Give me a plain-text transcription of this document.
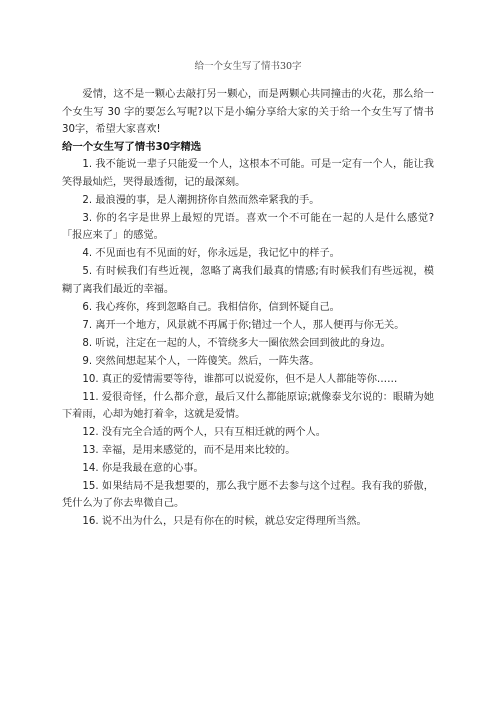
给一个女生写了情书30字

爱情，这不是一颗心去敲打另一颗心，而是两颗心共同撞击的火花，那么给一个女生写 30 字的要怎么写呢?以下是小编分享给大家的关于给一个女生写了情书30字，希望大家喜欢!

给一个女生写了情书30字精选
1. 我不能说一辈子只能爱一个人，这根本不可能。可是一定有一个人，能让我笑得最灿烂，哭得最透彻，记的最深刻。
2. 最浪漫的事，是人潮拥挤你自然而然牵紧我的手。
3. 你的名字是世界上最短的咒语。喜欢一个不可能在一起的人是什么感觉?「报应来了」的感觉。
4. 不见面也有不见面的好，你永远是，我记忆中的样子。
5. 有时候我们有些近视，忽略了离我们最真的情感;有时候我们有些远视，模糊了离我们最近的幸福。
6. 我心疼你，疼到忽略自己。我相信你，信到怀疑自己。
7. 离开一个地方，风景就不再属于你;错过一个人，那人便再与你无关。
8. 听说，注定在一起的人，不管绕多大一圈依然会回到彼此的身边。
9. 突然间想起某个人，一阵傻笑。然后，一阵失落。
10. 真正的爱情需要等待，谁都可以说爱你，但不是人人都能等你……
11. 爱很奇怪，什么都介意，最后又什么都能原谅;就像泰戈尔说的：眼睛为她下着雨，心却为她打着伞，这就是爱情。
12. 没有完全合适的两个人，只有互相迁就的两个人。
13. 幸福，是用来感觉的，而不是用来比较的。
14. 你是我最在意的心事。
15. 如果结局不是我想要的，那么我宁愿不去参与这个过程。我有我的骄傲，凭什么为了你去卑微自己。
16. 说不出为什么，只是有你在的时候，就总安定得理所当然。
